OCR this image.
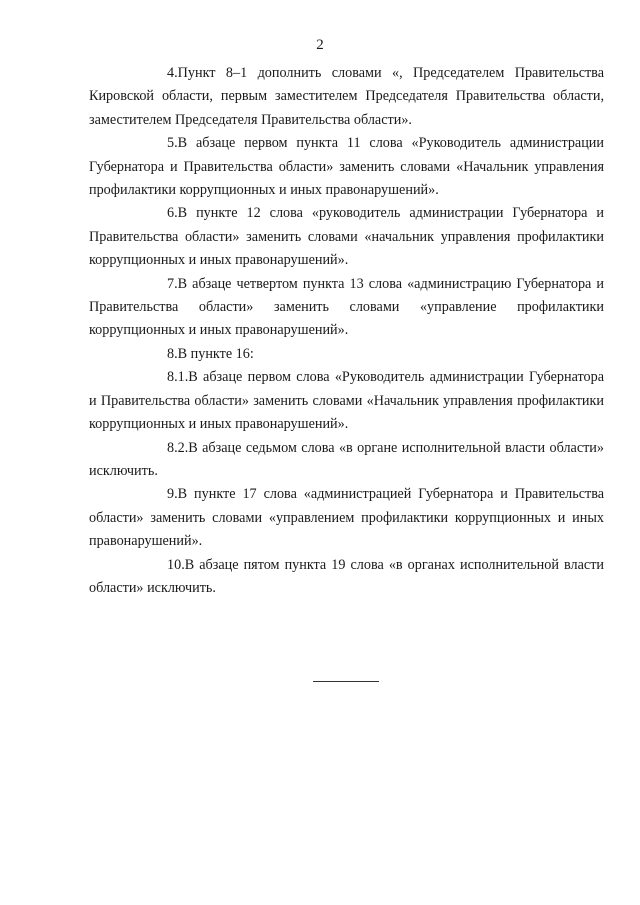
2

4.Пункт 8–1 дополнить словами «, Председателем Правительства Кировской области, первым заместителем Председателя Правительства области, заместителем Председателя Правительства области».

5.В абзаце первом пункта 11 слова «Руководитель администрации Губернатора и Правительства области» заменить словами «Начальник управления профилактики коррупционных и иных правонарушений».

6.В пункте 12 слова «руководитель администрации Губернатора и Правительства области» заменить словами «начальник управления профилактики коррупционных и иных правонарушений».

7.В абзаце четвертом пункта 13 слова «администрацию Губернатора и Правительства области» заменить словами «управление профилактики коррупционных и иных правонарушений».

8.В пункте 16:

8.1.В абзаце первом слова «Руководитель администрации Губернатора и Правительства области» заменить словами «Начальник управления профилактики коррупционных и иных правонарушений».

8.2.В абзаце седьмом слова «в органе исполнительной власти области» исключить.

9.В пункте 17 слова «администрацией Губернатора и Правительства области» заменить словами «управлением профилактики коррупционных и иных правонарушений».

10.В абзаце пятом пункта 19 слова «в органах исполнительной власти области» исключить.
